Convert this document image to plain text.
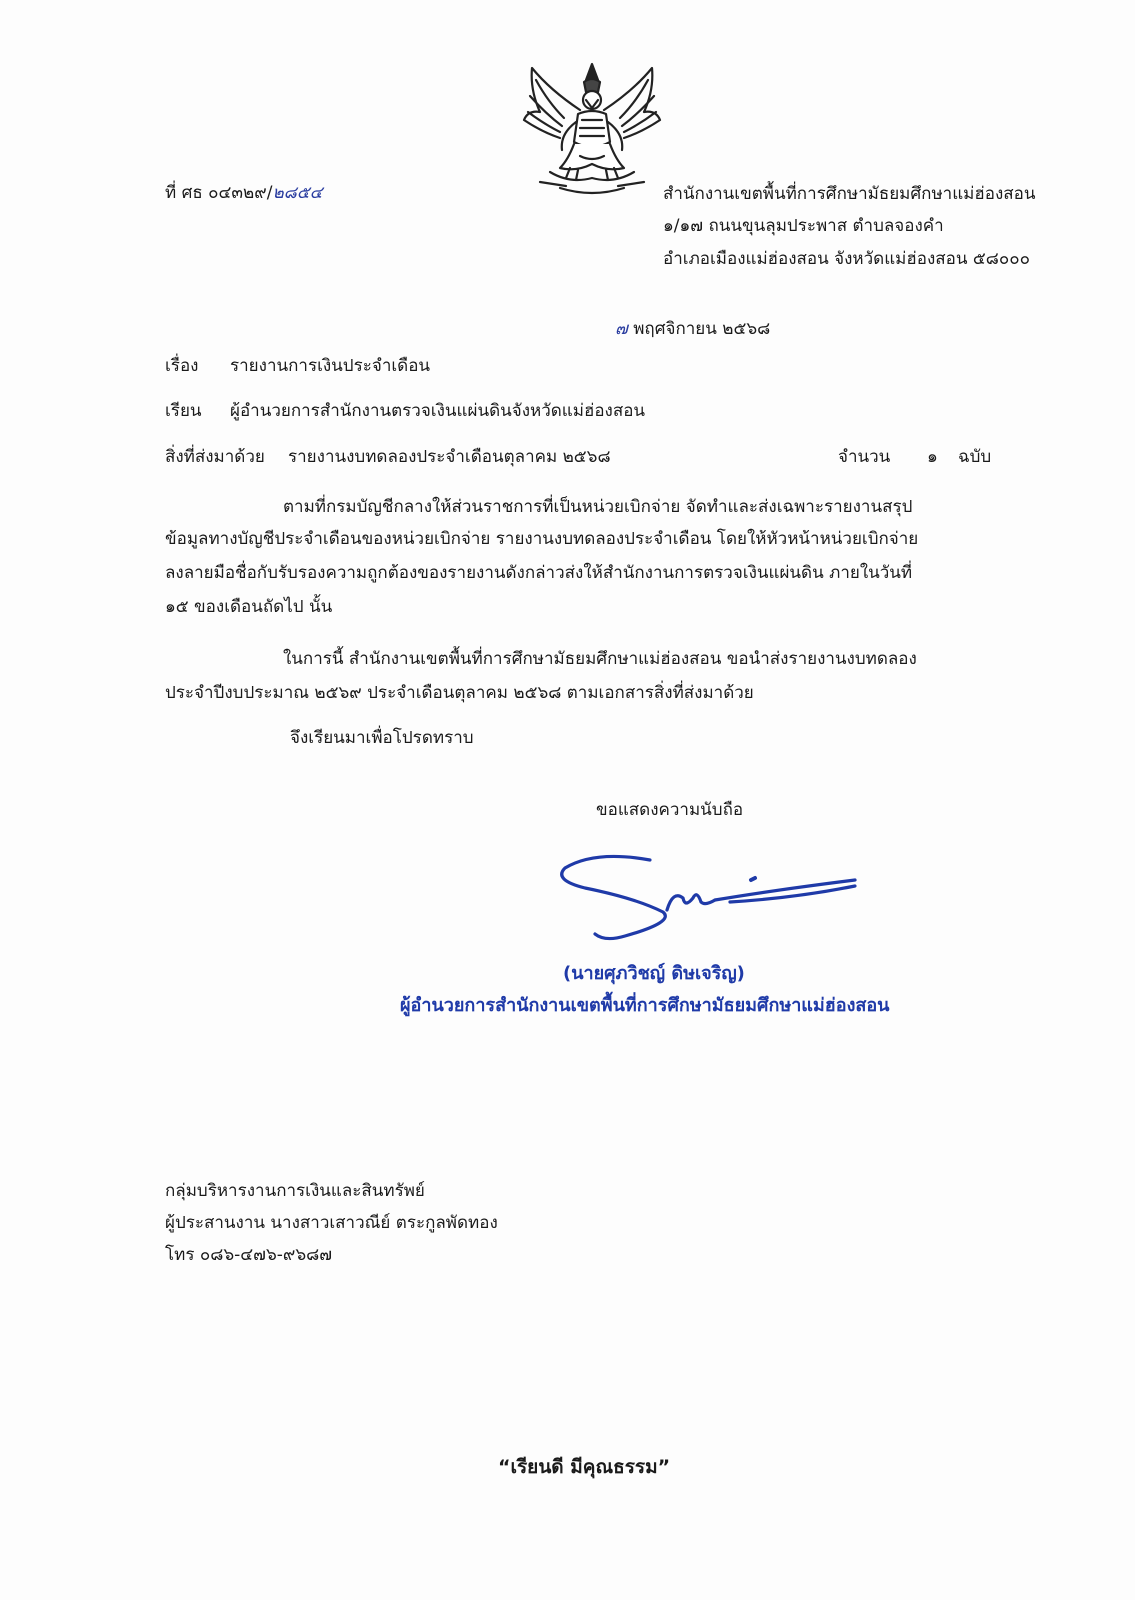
ที่ ศธ ๐๔๓๒๙/๒๘๕๔	สำนักงานเขตพื้นที่การศึกษามัธยมศึกษาแม่ฮ่องสอน
๑/๑๗ ถนนขุนลุมประพาส ตำบลจองคำ
อำเภอเมืองแม่ฮ่องสอน จังหวัดแม่ฮ่องสอน ๕๘๐๐๐
๗ พฤศจิกายน ๒๕๖๘
เรื่อง รายงานการเงินประจำเดือน
เรียน ผู้อำนวยการสำนักงานตรวจเงินแผ่นดินจังหวัดแม่ฮ่องสอน
สิ่งที่ส่งมาด้วย รายงานงบทดลองประจำเดือนตุลาคม ๒๕๖๘	จำนวน ๑ ฉบับ
ตามที่กรมบัญชีกลางให้ส่วนราชการที่เป็นหน่วยเบิกจ่าย จัดทำและส่งเฉพาะรายงานสรุป
ข้อมูลทางบัญชีประจำเดือนของหน่วยเบิกจ่าย รายงานงบทดลองประจำเดือน โดยให้หัวหน้าหน่วยเบิกจ่าย
ลงลายมือชื่อกับรับรองความถูกต้องของรายงานดังกล่าวส่งให้สำนักงานการตรวจเงินแผ่นดิน ภายในวันที่
๑๕ ของเดือนถัดไป นั้น
ในการนี้ สำนักงานเขตพื้นที่การศึกษามัธยมศึกษาแม่ฮ่องสอน ขอนำส่งรายงานงบทดลอง
ประจำปีงบประมาณ ๒๕๖๙ ประจำเดือนตุลาคม ๒๕๖๘ ตามเอกสารสิ่งที่ส่งมาด้วย
จึงเรียนมาเพื่อโปรดทราบ
ขอแสดงความนับถือ
(นายศุภวิชญ์ ดิษเจริญ)
ผู้อำนวยการสำนักงานเขตพื้นที่การศึกษามัธยมศึกษาแม่ฮ่องสอน
กลุ่มบริหารงานการเงินและสินทรัพย์
ผู้ประสานงาน นางสาวเสาวณีย์ ตระกูลพัดทอง
โทร ๐๘๖-๔๗๖-๙๖๘๗
“เรียนดี มีคุณธรรม”
